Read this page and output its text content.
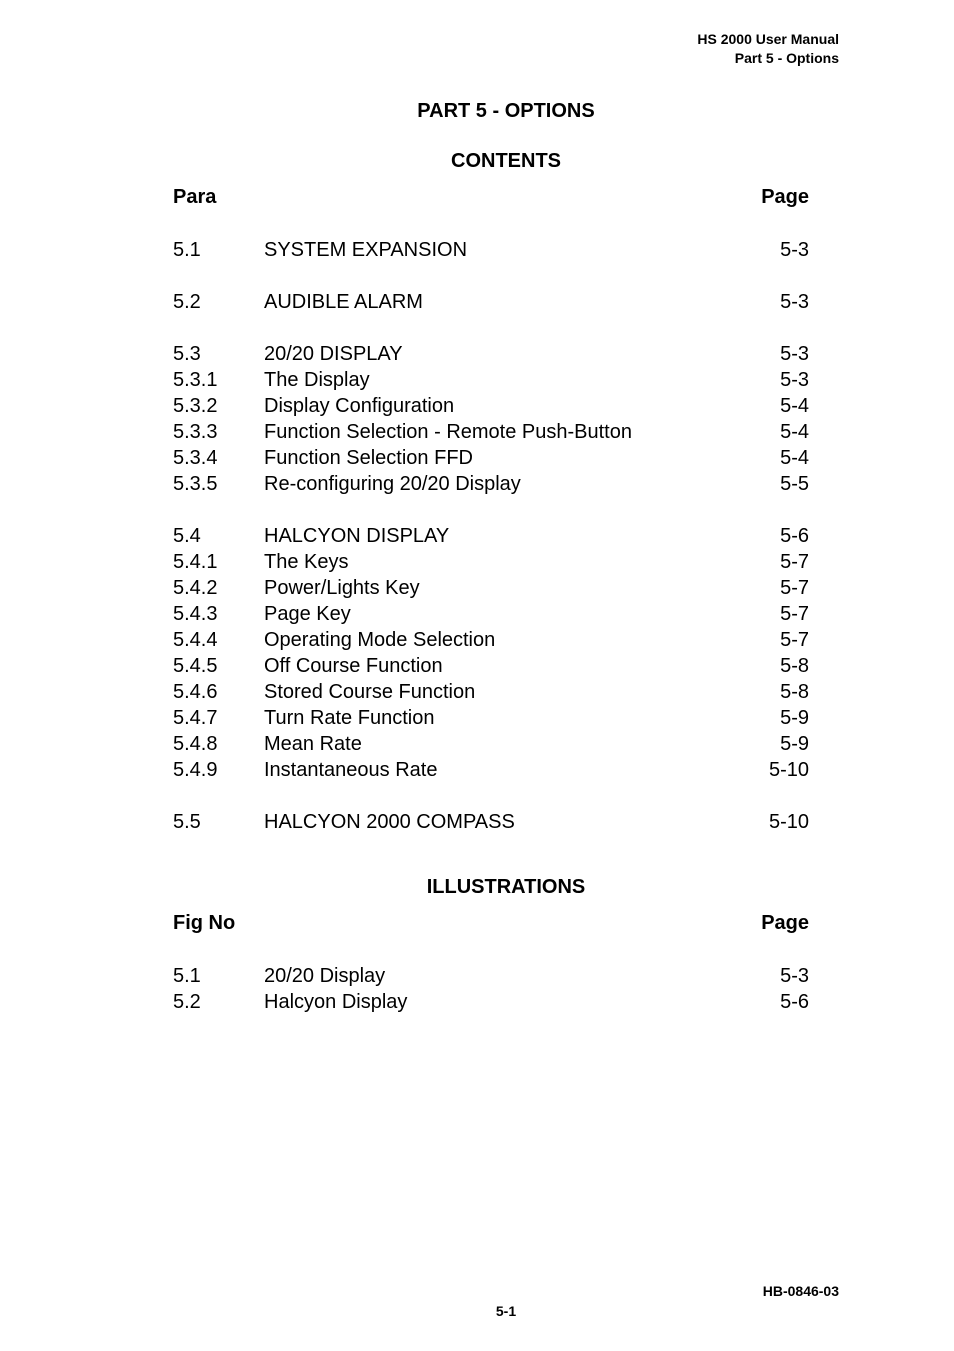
HS 2000 User Manual
Part 5 - Options
PART 5 - OPTIONS
CONTENTS
Para	Page
5.1	SYSTEM EXPANSION	5-3
5.2	AUDIBLE ALARM	5-3
5.3	20/20 DISPLAY	5-3
5.3.1 The Display	5-3
5.3.2 Display Configuration	5-4
5.3.3 Function Selection - Remote Push-Button	5-4
5.3.4 Function Selection FFD	5-4
5.3.5 Re-configuring 20/20 Display	5-5
5.4	HALCYON DISPLAY	5-6
5.4.1 The Keys	5-7
5.4.2 Power/Lights Key	5-7
5.4.3 Page Key	5-7
5.4.4 Operating Mode Selection	5-7
5.4.5 Off Course Function	5-8
5.4.6 Stored Course Function	5-8
5.4.7 Turn Rate Function	5-9
5.4.8 Mean Rate	5-9
5.4.9 Instantaneous Rate	5-10
5.5	HALCYON 2000 COMPASS	5-10
ILLUSTRATIONS
Fig No	Page
5.1	20/20 Display	5-3
5.2	Halcyon Display	5-6
HB-0846-03
5-1
